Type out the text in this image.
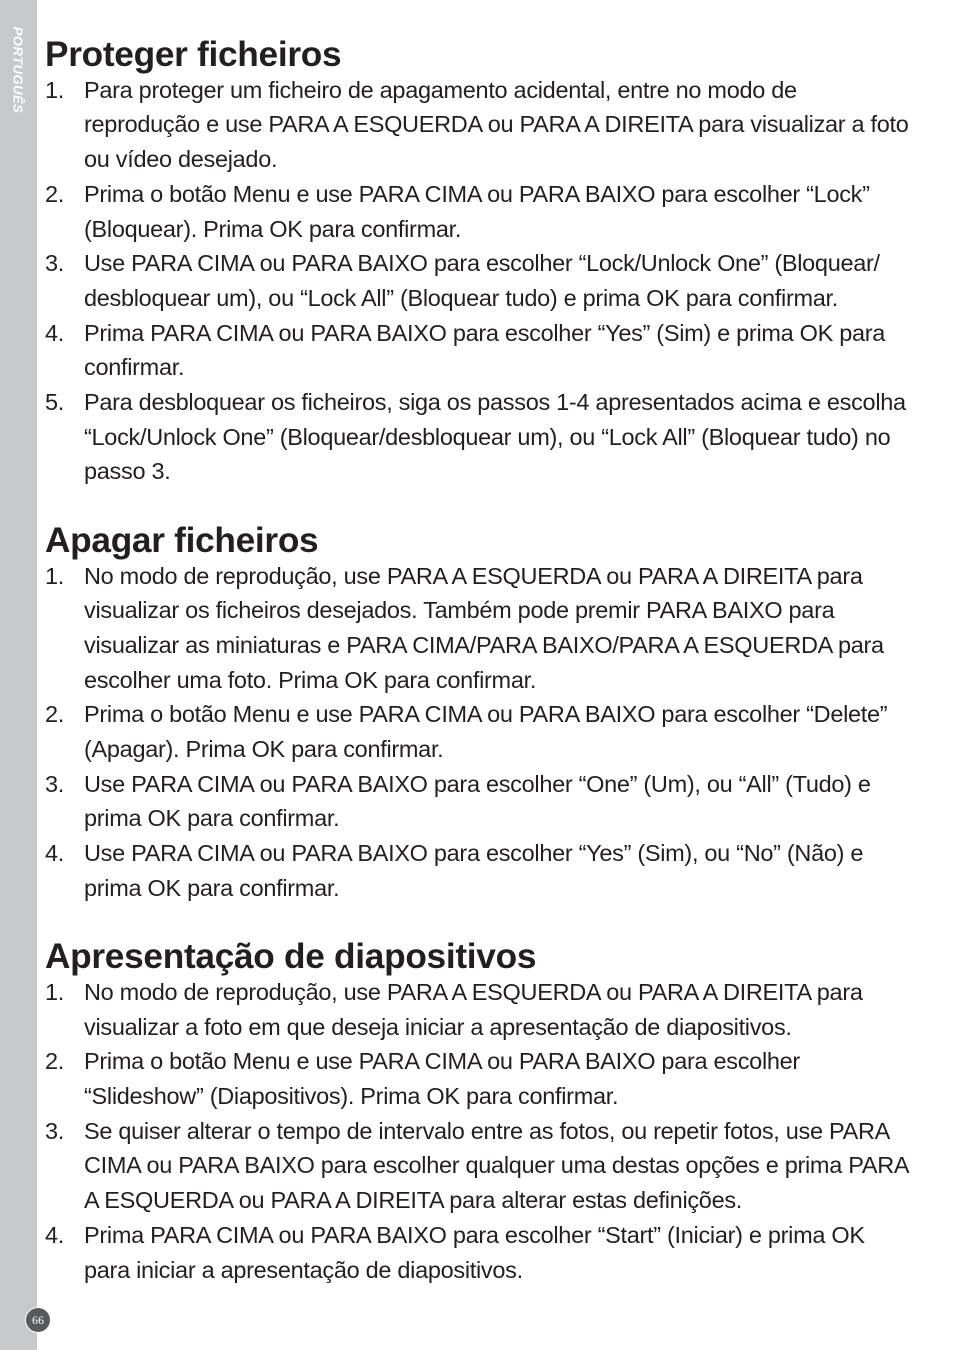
PORTUGUÊS Proteger ficheiros
1. Para proteger um ficheiro de apagamento acidental, entre no modo de reprodução e use PARA A ESQUERDA ou PARA A DIREITA para visualizar a foto ou vídeo desejado.
2. Prima o botão Menu e use PARA CIMA ou PARA BAIXO para escolher “Lock” (Bloquear). Prima OK para confirmar.
3. Use PARA CIMA ou PARA BAIXO para escolher “Lock/Unlock One” (Bloquear/ desbloquear um), ou “Lock All” (Bloquear tudo) e prima OK para confirmar.
4. Prima PARA CIMA ou PARA BAIXO para escolher “Yes” (Sim) e prima OK para confirmar.
5. Para desbloquear os ficheiros, siga os passos 1-4 apresentados acima e escolha “Lock/Unlock One” (Bloquear/desbloquear um), ou “Lock All” (Bloquear tudo) no passo 3.
Apagar ficheiros
1. No modo de reprodução, use PARA A ESQUERDA ou PARA A DIREITA para visualizar os ficheiros desejados. Também pode premir PARA BAIXO para visualizar as miniaturas e PARA CIMA/PARA BAIXO/PARA A ESQUERDA para escolher uma foto. Prima OK para confirmar.
2. Prima o botão Menu e use PARA CIMA ou PARA BAIXO para escolher “Delete” (Apagar). Prima OK para confirmar.
3. Use PARA CIMA ou PARA BAIXO para escolher “One” (Um), ou “All” (Tudo) e prima OK para confirmar.
4. Use PARA CIMA ou PARA BAIXO para escolher “Yes” (Sim), ou “No” (Não) e prima OK para confirmar.
Apresentação de diapositivos
1. No modo de reprodução, use PARA A ESQUERDA ou PARA A DIREITA para visualizar a foto em que deseja iniciar a apresentação de diapositivos.
2. Prima o botão Menu e use PARA CIMA ou PARA BAIXO para escolher “Slideshow” (Diapositivos). Prima OK para confirmar.
3. Se quiser alterar o tempo de intervalo entre as fotos, ou repetir fotos, use PARA CIMA ou PARA BAIXO para escolher qualquer uma destas opções e prima PARA A ESQUERDA ou PARA A DIREITA para alterar estas definições.
4. Prima PARA CIMA ou PARA BAIXO para escolher “Start” (Iniciar) e prima OK para iniciar a apresentação de diapositivos.
66
